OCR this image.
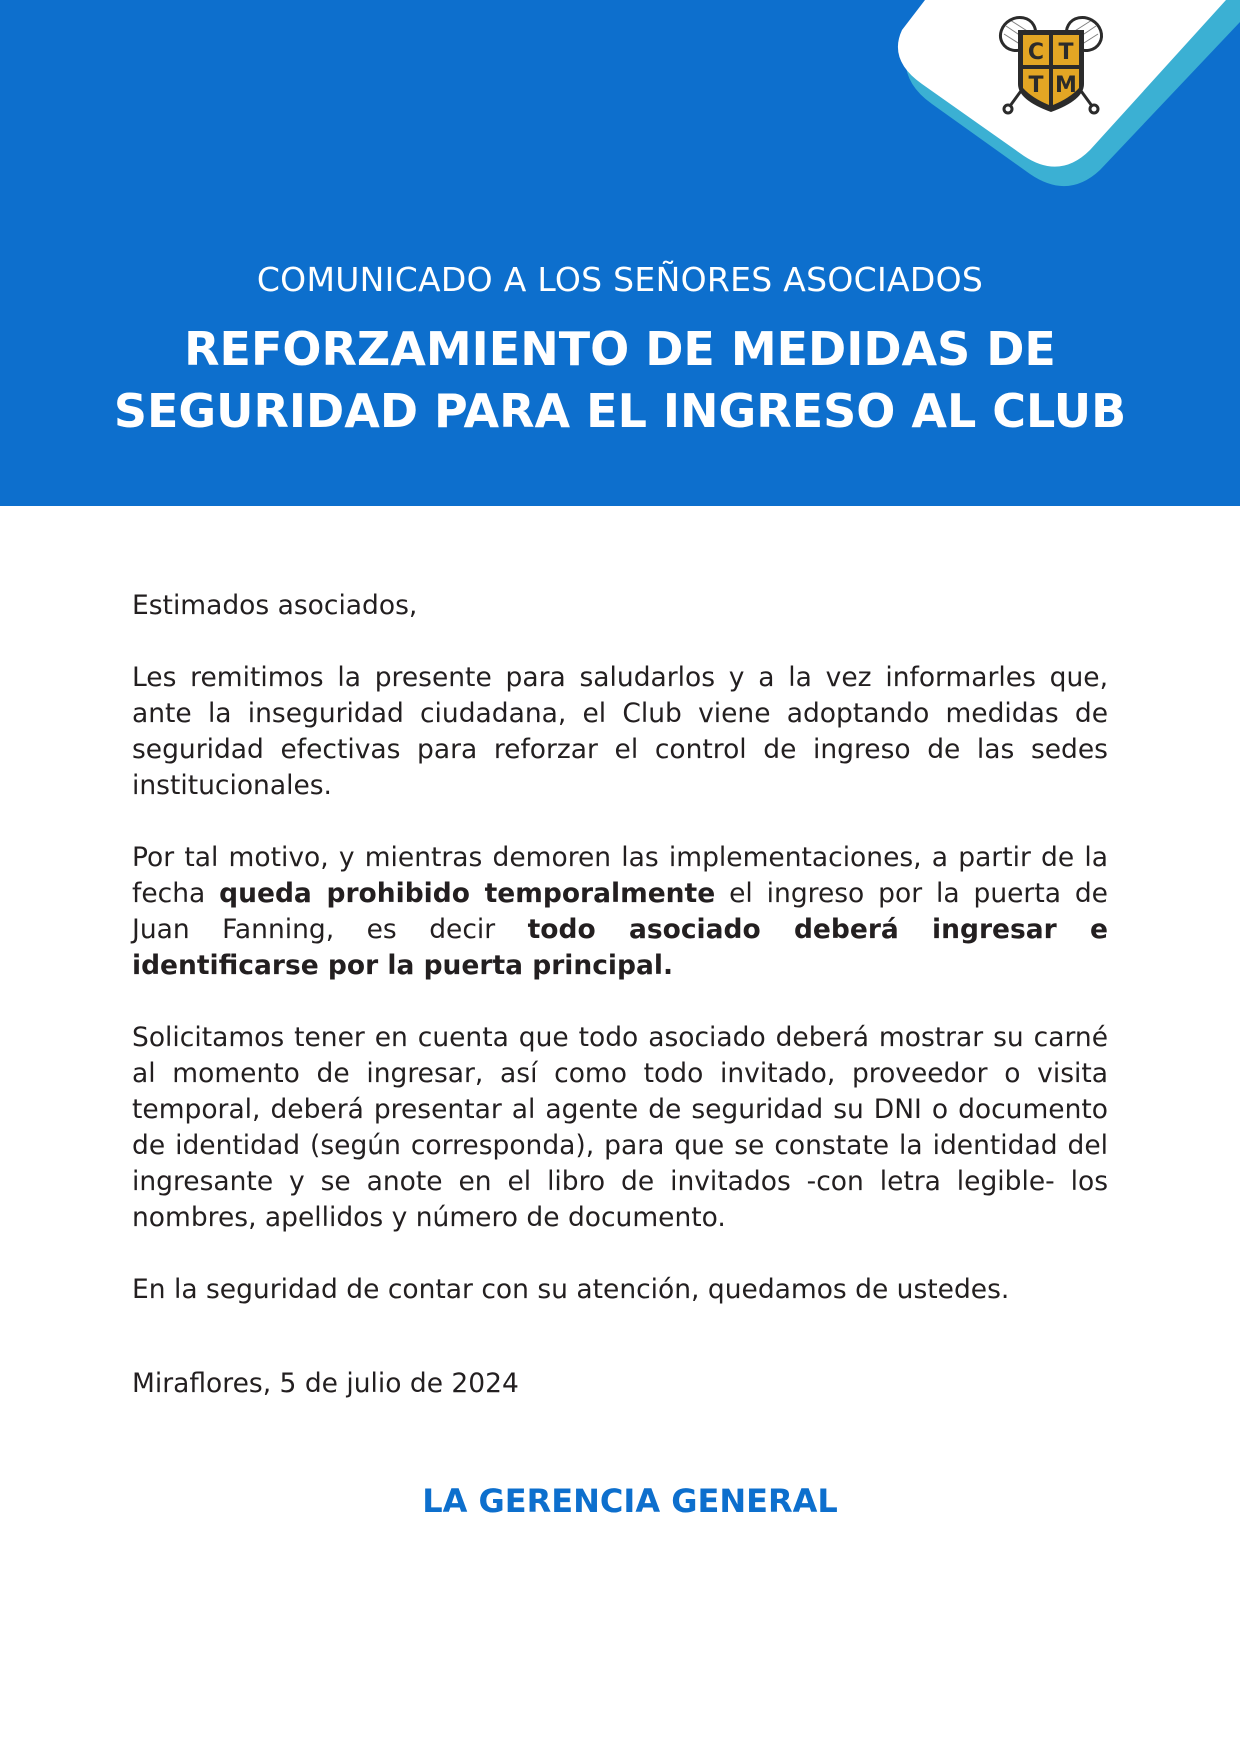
C T
T M
COMUNICADO A LOS SEÑORES ASOCIADOS
REFORZAMIENTO DE MEDIDAS DE
SEGURIDAD PARA EL INGRESO AL CLUB

Estimados asociados,

Les remitimos la presente para saludarlos y a la vez informarles que, ante la inseguridad ciudadana, el Club viene adoptando medidas de seguridad efectivas para reforzar el control de ingreso de las sedes institucionales.

Por tal motivo, y mientras demoren las implementaciones, a partir de la fecha queda prohibido temporalmente el ingreso por la puerta de Juan Fanning, es decir todo asociado deberá ingresar e identificarse por la puerta principal.

Solicitamos tener en cuenta que todo asociado deberá mostrar su carné al momento de ingresar, así como todo invitado, proveedor o visita temporal, deberá presentar al agente de seguridad su DNI o documento de identidad (según corresponda), para que se constate la identidad del ingresante y se anote en el libro de invitados -con letra legible- los nombres, apellidos y número de documento.

En la seguridad de contar con su atención, quedamos de ustedes.

Miraflores, 5 de julio de 2024

LA GERENCIA GENERAL
